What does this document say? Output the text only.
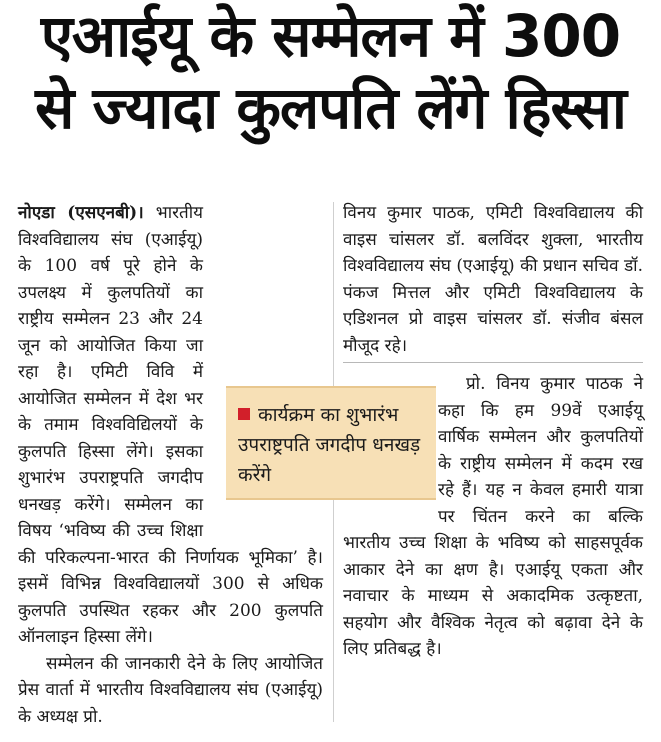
एआईयू के सम्मेलन में 300
से ज्यादा कुलपति लेंगे हिस्सा

नोएडा (एसएनबी)। भारतीय विश्वविद्यालय संघ (एआईयू) के 100 वर्ष पूरे होने के उपलक्ष्य में कुलपतियों का राष्ट्रीय सम्मेलन 23 और 24 जून को आयोजित किया जा रहा है। एमिटी विवि में आयोजित सम्मेलन में देश भर के तमाम विश्वविद्यिलयों के कुलपति हिस्सा लेंगे। इसका शुभारंभ उपराष्ट्रपति जगदीप धनखड़ करेंगे। सम्मेलन का विषय ‘भविष्य की उच्च शिक्षा की परिकल्पना-भारत की निर्णायक भूमिका’ है। इसमें विभिन्न विश्वविद्यालयों 300 से अधिक कुलपति उपस्थित रहकर और 200 कुलपति ऑनलाइन हिस्सा लेंगे।

सम्मेलन की जानकारी देने के लिए आयोजित प्रेस वार्ता में भारतीय विश्वविद्यालय संघ (एआईयू) के अध्यक्ष प्रो.

विनय कुमार पाठक, एमिटी विश्वविद्यालय की वाइस चांसलर डॉ. बलविंदर शुक्ला, भारतीय विश्वविद्यालय संघ (एआईयू) की प्रधान सचिव डॉ. पंकज मित्तल और एमिटी विश्वविद्यालय के एडिशनल प्रो वाइस चांसलर डॉ. संजीव बंसल मौजूद रहे।

प्रो. विनय कुमार पाठक ने कहा कि हम 99वें एआईयू वार्षिक सम्मेलन और कुलपतियों के राष्ट्रीय सम्मेलन में कदम रख रहे हैं। यह न केवल हमारी यात्रा पर चिंतन करने का बल्कि भारतीय उच्च शिक्षा के भविष्य को साहसपूर्वक आकार देने का क्षण है। एआईयू एकता और नवाचार के माध्यम से अकादमिक उत्कृष्टता, सहयोग और वैश्विक नेतृत्व को बढ़ावा देने के लिए प्रतिबद्ध है।

कार्यक्रम का शुभारंभ उपराष्ट्रपति जगदीप धनखड़ करेंगे
